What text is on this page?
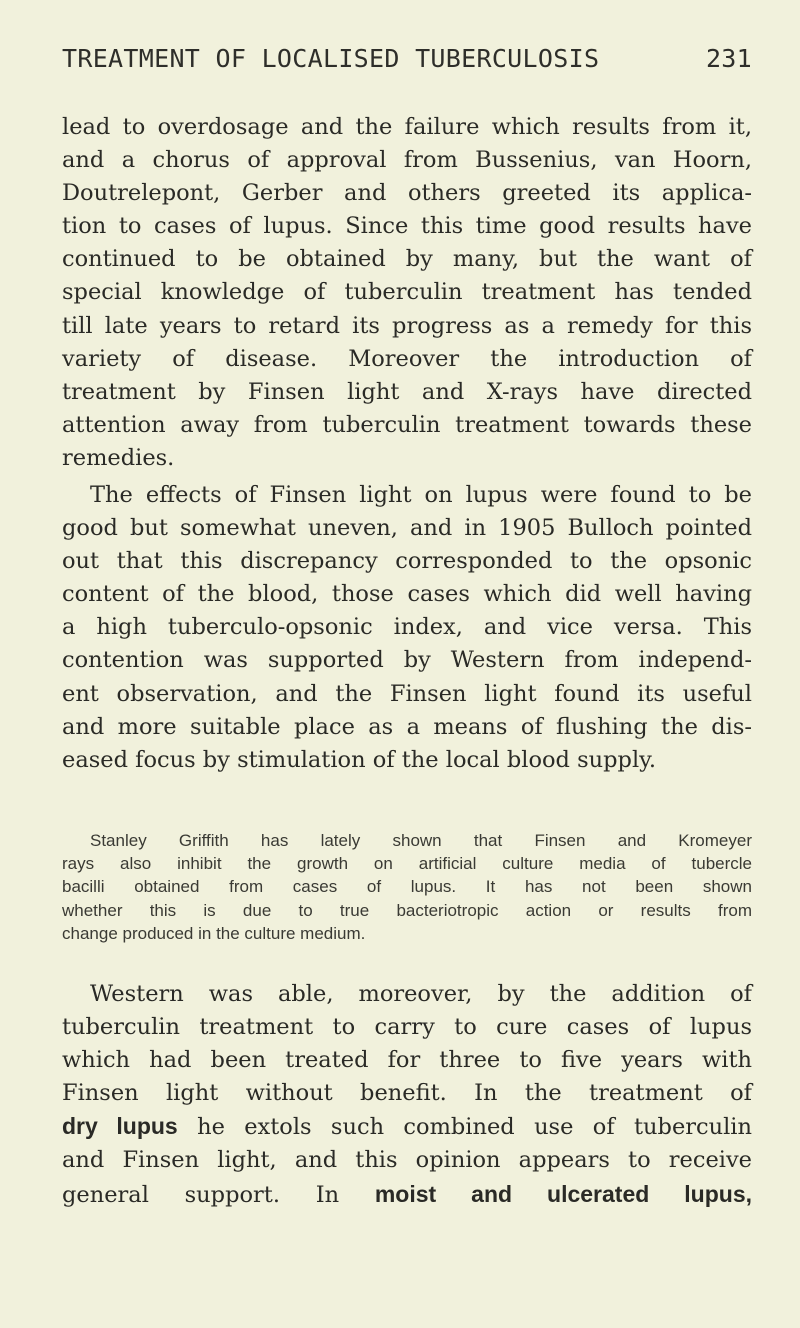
TREATMENT OF LOCALISED TUBERCULOSIS	231

lead to overdosage and the failure which results from it,

and a chorus of approval from Bussenius, van Hoorn,

Doutrelepont, Gerber and others greeted its applica-

tion to cases of lupus. Since this time good results have

continued to be obtained by many, but the want of

special knowledge of tuberculin treatment has tended

till late years to retard its progress as a remedy for this

variety of disease. Moreover the introduction of

treatment by Finsen light and X-rays have directed

attention away from tuberculin treatment towards these

remedies.

The effects of Finsen light on lupus were found to be

good but somewhat uneven, and in 1905 Bulloch pointed

out that this discrepancy corresponded to the opsonic

content of the blood, those cases which did well having

a high tuberculo-opsonic index, and vice versa. This

contention was supported by Western from independ-

ent observation, and the Finsen light found its useful

and more suitable place as a means of flushing the dis-

eased focus by stimulation of the local blood supply.

Stanley Griffith has lately shown that Finsen and Kromeyer

rays also inhibit the growth on artificial culture media of tubercle

bacilli obtained from cases of lupus. It has not been shown

whether this is due to true bacteriotropic action or results from

change produced in the culture medium.

Western was able, moreover, by the addition of

tuberculin treatment to carry to cure cases of lupus

which had been treated for three to five years with

Finsen light without benefit. In the treatment of

dry lupus he extols such combined use of tuberculin

and Finsen light, and this opinion appears to receive

general support. In moist and ulcerated lupus,
